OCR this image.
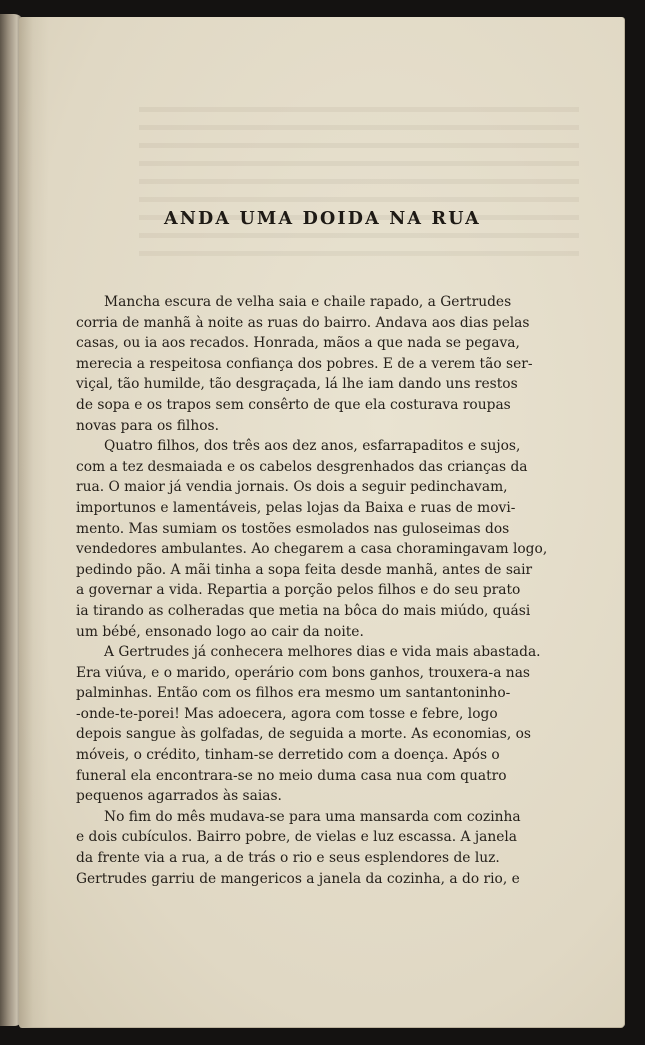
ANDA UMA DOIDA NA RUA
Mancha escura de velha saia e chaile rapado, a Gertrudes
corria de manhã à noite as ruas do bairro. Andava aos dias pelas
casas, ou ia aos recados. Honrada, mãos a que nada se pegava,
merecia a respeitosa confiança dos pobres. E de a verem tão ser-
viçal, tão humilde, tão desgraçada, lá lhe iam dando uns restos
de sopa e os trapos sem consêrto de que ela costurava roupas
novas para os filhos.
Quatro filhos, dos três aos dez anos, esfarrapaditos e sujos,
com a tez desmaiada e os cabelos desgrenhados das crianças da
rua. O maior já vendia jornais. Os dois a seguir pedinchavam,
importunos e lamentáveis, pelas lojas da Baixa e ruas de movi-
mento. Mas sumiam os tostões esmolados nas guloseimas dos
vendedores ambulantes. Ao chegarem a casa choramingavam logo,
pedindo pão. A mãi tinha a sopa feita desde manhã, antes de sair
a governar a vida. Repartia a porção pelos filhos e do seu prato
ia tirando as colheradas que metia na bôca do mais miúdo, quási
um bébé, ensonado logo ao cair da noite.
A Gertrudes já conhecera melhores dias e vida mais abastada.
Era viúva, e o marido, operário com bons ganhos, trouxera-a nas
palminhas. Então com os filhos era mesmo um santantoninho-
-onde-te-porei! Mas adoecera, agora com tosse e febre, logo
depois sangue às golfadas, de seguida a morte. As economias, os
móveis, o crédito, tinham-se derretido com a doença. Após o
funeral ela encontrara-se no meio duma casa nua com quatro
pequenos agarrados às saias.
No fim do mês mudava-se para uma mansarda com cozinha
e dois cubículos. Bairro pobre, de vielas e luz escassa. A janela
da frente via a rua, a de trás o rio e seus esplendores de luz.
Gertrudes garriu de mangericos a janela da cozinha, a do rio, e
